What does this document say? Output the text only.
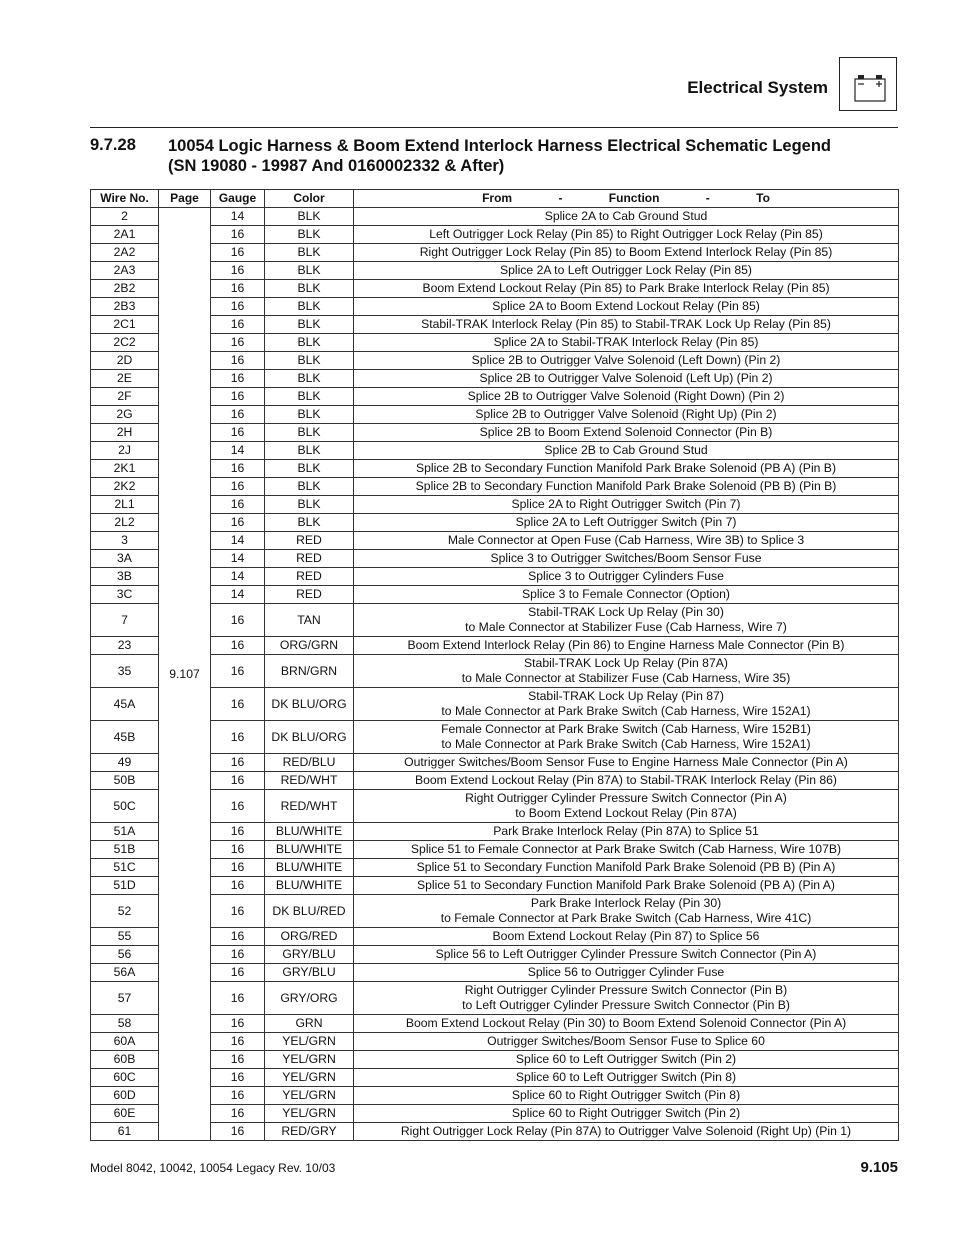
Electrical System
9.7.28 10054 Logic Harness & Boom Extend Interlock Harness Electrical Schematic Legend
(SN 19080 - 19987 And 0160002332 & After)
Wire No.	Page	Gauge	Color	From - Function - To
2	9.107	14	BLK	Splice 2A to Cab Ground Stud

2A1		16	BLK	Left Outrigger Lock Relay (Pin 85) to Right Outrigger Lock Relay (Pin 85)

2A2		16	BLK	Right Outrigger Lock Relay (Pin 85) to Boom Extend Interlock Relay (Pin 85)

2A3		16	BLK	Splice 2A to Left Outrigger Lock Relay (Pin 85)

2B2		16	BLK	Boom Extend Lockout Relay (Pin 85) to Park Brake Interlock Relay (Pin 85)

2B3		16	BLK	Splice 2A to Boom Extend Lockout Relay (Pin 85)

2C1		16	BLK	Stabil-TRAK Interlock Relay (Pin 85) to Stabil-TRAK Lock Up Relay (Pin 85)

2C2		16	BLK	Splice 2A to Stabil-TRAK Interlock Relay (Pin 85)

2D		16	BLK	Splice 2B to Outrigger Valve Solenoid (Left Down) (Pin 2)

2E		16	BLK	Splice 2B to Outrigger Valve Solenoid (Left Up) (Pin 2)

2F		16	BLK	Splice 2B to Outrigger Valve Solenoid (Right Down) (Pin 2)

2G		16	BLK	Splice 2B to Outrigger Valve Solenoid (Right Up) (Pin 2)

2H		16	BLK	Splice 2B to Boom Extend Solenoid Connector (Pin B)

2J		14	BLK	Splice 2B to Cab Ground Stud

2K1		16	BLK	Splice 2B to Secondary Function Manifold Park Brake Solenoid (PB A) (Pin B)

2K2		16	BLK	Splice 2B to Secondary Function Manifold Park Brake Solenoid (PB B) (Pin B)

2L1		16	BLK	Splice 2A to Right Outrigger Switch (Pin 7)

2L2		16	BLK	Splice 2A to Left Outrigger Switch (Pin 7)

3		14	RED	Male Connector at Open Fuse (Cab Harness, Wire 3B) to Splice 3

3A		14	RED	Splice 3 to Outrigger Switches/Boom Sensor Fuse

3B		14	RED	Splice 3 to Outrigger Cylinders Fuse

3C		14	RED	Splice 3 to Female Connector (Option)

7		16	TAN	Stabil-TRAK Lock Up Relay (Pin 30)
to Male Connector at Stabilizer Fuse (Cab Harness, Wire 7)

23		16	ORG/GRN	Boom Extend Interlock Relay (Pin 86) to Engine Harness Male Connector (Pin B)

35		16	BRN/GRN	Stabil-TRAK Lock Up Relay (Pin 87A)
to Male Connector at Stabilizer Fuse (Cab Harness, Wire 35)

45A		16	DK BLU/ORG	Stabil-TRAK Lock Up Relay (Pin 87)
to Male Connector at Park Brake Switch (Cab Harness, Wire 152A1)

45B		16	DK BLU/ORG	Female Connector at Park Brake Switch (Cab Harness, Wire 152B1)
to Male Connector at Park Brake Switch (Cab Harness, Wire 152A1)

49		16	RED/BLU	Outrigger Switches/Boom Sensor Fuse to Engine Harness Male Connector (Pin A)

50B		16	RED/WHT	Boom Extend Lockout Relay (Pin 87A) to Stabil-TRAK Interlock Relay (Pin 86)

50C		16	RED/WHT	Right Outrigger Cylinder Pressure Switch Connector (Pin A)
to Boom Extend Lockout Relay (Pin 87A)

51A		16	BLU/WHITE	Park Brake Interlock Relay (Pin 87A) to Splice 51

51B		16	BLU/WHITE	Splice 51 to Female Connector at Park Brake Switch (Cab Harness, Wire 107B)

51C		16	BLU/WHITE	Splice 51 to Secondary Function Manifold Park Brake Solenoid (PB B) (Pin A)

51D		16	BLU/WHITE	Splice 51 to Secondary Function Manifold Park Brake Solenoid (PB A) (Pin A)

52		16	DK BLU/RED	Park Brake Interlock Relay (Pin 30)
to Female Connector at Park Brake Switch (Cab Harness, Wire 41C)

55		16	ORG/RED	Boom Extend Lockout Relay (Pin 87) to Splice 56

56		16	GRY/BLU	Splice 56 to Left Outrigger Cylinder Pressure Switch Connector (Pin A)

56A		16	GRY/BLU	Splice 56 to Outrigger Cylinder Fuse

57		16	GRY/ORG	Right Outrigger Cylinder Pressure Switch Connector (Pin B)
to Left Outrigger Cylinder Pressure Switch Connector (Pin B)

58		16	GRN	Boom Extend Lockout Relay (Pin 30) to Boom Extend Solenoid Connector (Pin A)

60A		16	YEL/GRN	Outrigger Switches/Boom Sensor Fuse to Splice 60

60B		16	YEL/GRN	Splice 60 to Left Outrigger Switch (Pin 2)

60C		16	YEL/GRN	Splice 60 to Left Outrigger Switch (Pin 8)

60D		16	YEL/GRN	Splice 60 to Right Outrigger Switch (Pin 8)

60E		16	YEL/GRN	Splice 60 to Right Outrigger Switch (Pin 2)

61		16	RED/GRY	Right Outrigger Lock Relay (Pin 87A) to Outrigger Valve Solenoid (Right Up) (Pin 1)
Model 8042, 10042, 10054 Legacy Rev. 10/03	9.105
